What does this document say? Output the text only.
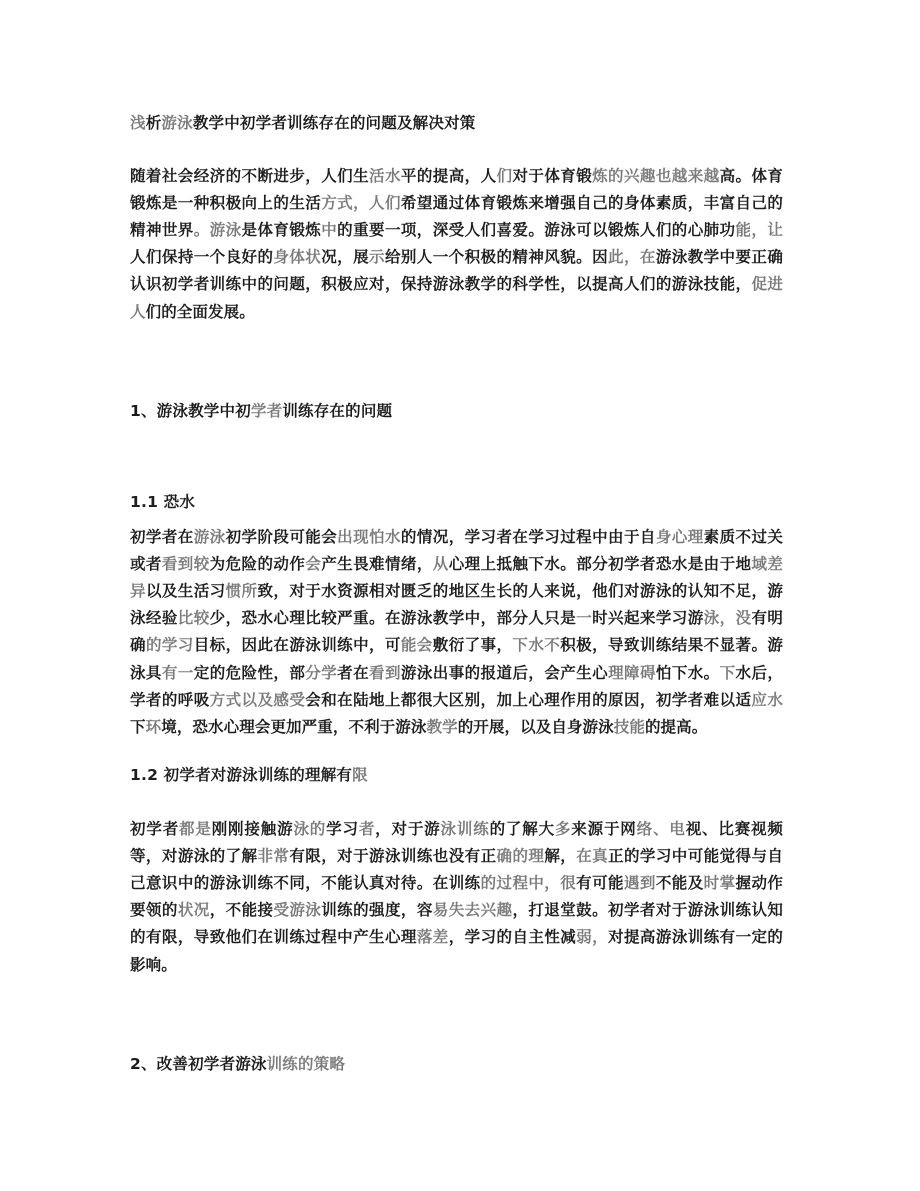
浅析游泳教学中初学者训练存在的问题及解决对策

随着社会经济的不断进步，人们生活水平的提高，人们对于体育锻炼的兴趣也越来越高。体育锻炼是一种积极向上的生活方式，人们希望通过体育锻炼来增强自己的身体素质，丰富自己的精神世界。游泳是体育锻炼中的重要一项，深受人们喜爱。游泳可以锻炼人们的心肺功能，让人们保持一个良好的身体状况，展示给别人一个积极的精神风貌。因此，在游泳教学中要正确认识初学者训练中的问题，积极应对，保持游泳教学的科学性，以提高人们的游泳技能，促进人们的全面发展。

1、游泳教学中初学者训练存在的问题
1.1 恐水

初学者在游泳初学阶段可能会出现怕水的情况，学习者在学习过程中由于自身心理素质不过关或者看到较为危险的动作会产生畏难情绪，从心理上抵触下水。部分初学者恐水是由于地域差异以及生活习惯所致，对于水资源相对匮乏的地区生长的人来说，他们对游泳的认知不足，游泳经验比较少，恐水心理比较严重。在游泳教学中，部分人只是一时兴起来学习游泳，没有明确的学习目标，因此在游泳训练中，可能会敷衍了事，下水不积极，导致训练结果不显著。游泳具有一定的危险性，部分学者在看到游泳出事的报道后，会产生心理障碍怕下水。下水后，学者的呼吸方式以及感受会和在陆地上都很大区别，加上心理作用的原因，初学者难以适应水下环境，恐水心理会更加严重，不利于游泳教学的开展，以及自身游泳技能的提高。

1.2 初学者对游泳训练的理解有限

初学者都是刚刚接触游泳的学习者，对于游泳训练的了解大多来源于网络、电视、比赛视频等，对游泳的了解非常有限，对于游泳训练也没有正确的理解，在真正的学习中可能觉得与自己意识中的游泳训练不同，不能认真对待。在训练的过程中，很有可能遇到不能及时掌握动作要领的状况，不能接受游泳训练的强度，容易失去兴趣，打退堂鼓。初学者对于游泳训练认知的有限，导致他们在训练过程中产生心理落差，学习的自主性减弱，对提高游泳训练有一定的影响。

2、改善初学者游泳训练的策略
